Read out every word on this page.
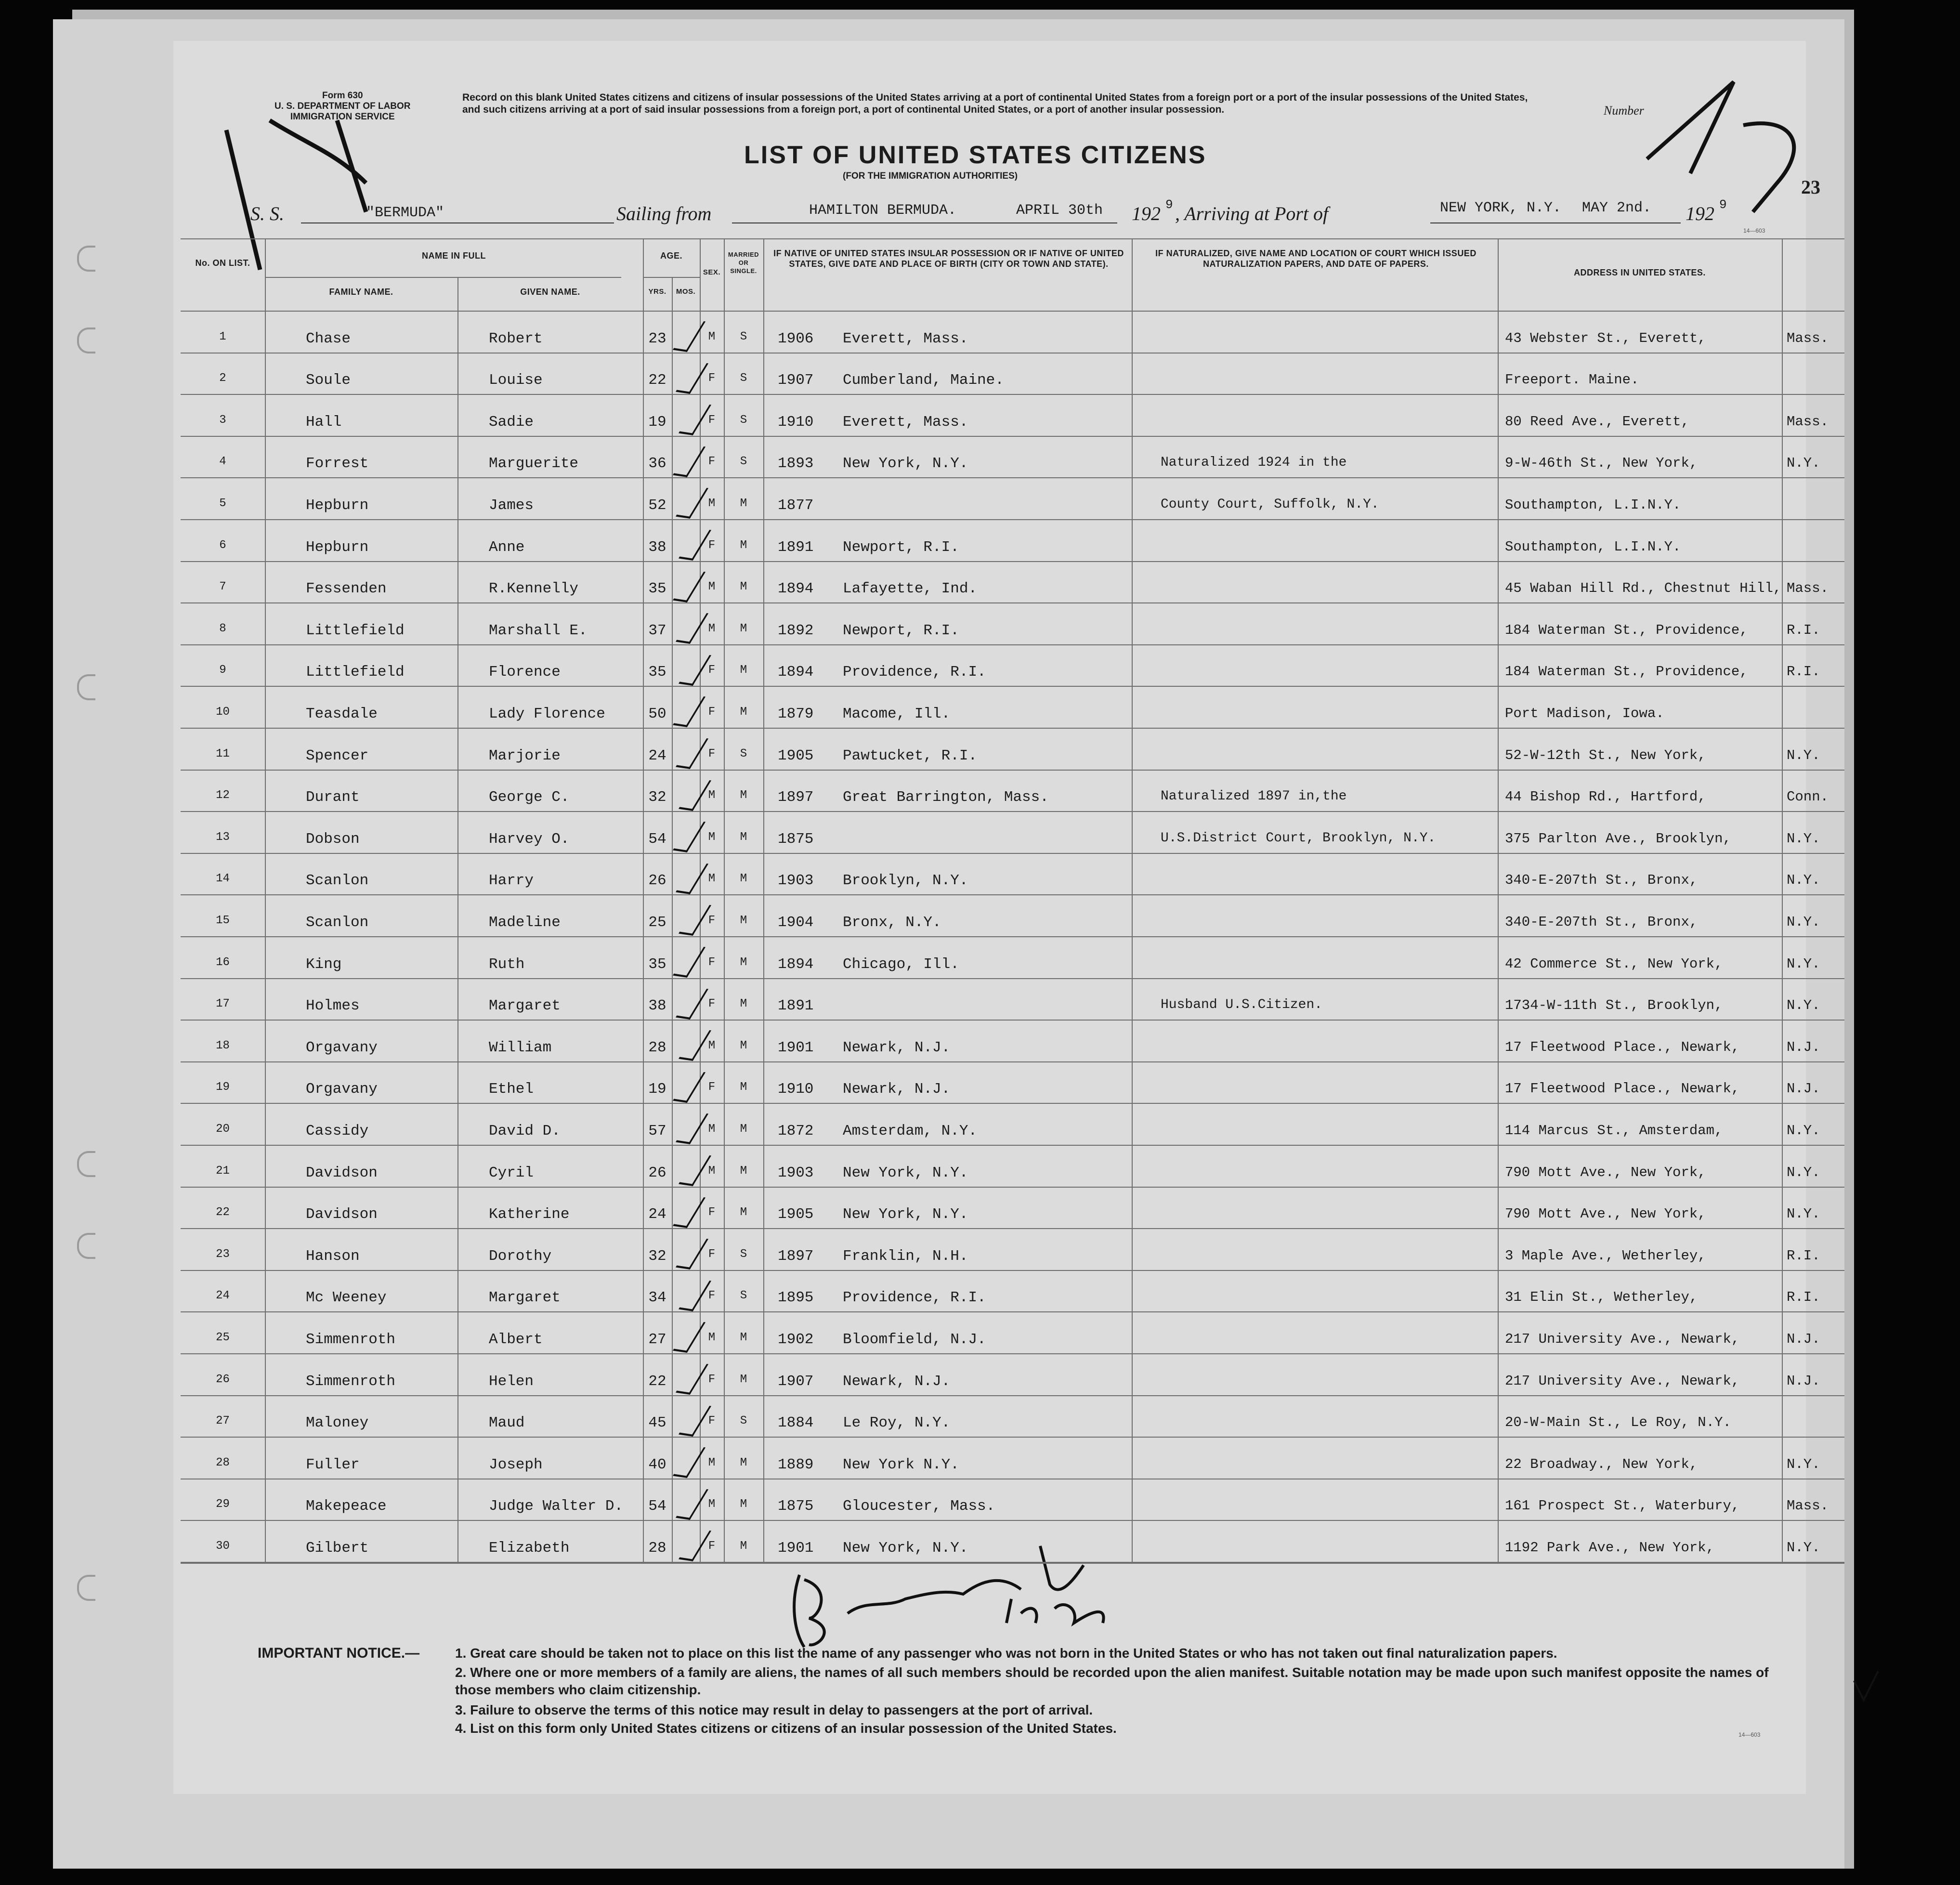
Form 630
U. S. DEPARTMENT OF LABOR
IMMIGRATION SERVICE
Record on this blank United States citizens and citizens of insular possessions of the United States arriving at a port of continental United States from a foreign port or a port of the insular possessions of the United States, and such citizens arriving at a port of said insular possessions from a foreign port, a port of continental United States, or a port of another insular possession.	Number
LIST OF UNITED STATES CITIZENS
(FOR THE IMMIGRATION AUTHORITIES)
S. S.	"BERMUDA"	Sailing from	HAMILTON BERMUDA.	APRIL 30th 192 9 , Arriving at Port of	NEW YORK, N.Y. MAY 2nd. 192 9
23
14—603
No. ON LIST.
NAME IN FULL
FAMILY NAME.	GIVEN NAME.
AGE.
YRS.	MOS.
SEX.
MARRIED OR SINGLE.
IF NATIVE OF UNITED STATES INSULAR POSSESSION OR IF NATIVE OF UNITED STATES, GIVE DATE AND PLACE OF BIRTH (CITY OR TOWN AND STATE).
IF NATURALIZED, GIVE NAME AND LOCATION OF COURT WHICH ISSUED NATURALIZATION PAPERS, AND DATE OF PAPERS.
ADDRESS IN UNITED STATES.
1	Chase	Robert	23	M	S	1906 Everett, Mass.	43 Webster St., Everett,	Mass.
2	Soule	Louise	22	F	S	1907 Cumberland, Maine.	Freeport. Maine.
3	Hall	Sadie	19	F	S	1910 Everett, Mass.	80 Reed Ave., Everett,	Mass.
4	Forrest	Marguerite	36	F	S	1893 New York, N.Y.	Naturalized 1924 in the	9-W-46th St., New York,	N.Y.
5	Hepburn	James	52	M	M	1877	County Court, Suffolk, N.Y.	Southampton, L.I.N.Y.
6	Hepburn	Anne	38	F	M	1891 Newport, R.I.	Southampton, L.I.N.Y.
7	Fessenden	R.Kennelly	35	M	M	1894 Lafayette, Ind.	45 Waban Hill Rd., Chestnut Hill, Mass.
8	Littlefield	Marshall E.	37	M	M	1892 Newport, R.I.	184 Waterman St., Providence,	R.I.
9	Littlefield	Florence	35	F	M	1894 Providence, R.I.	184 Waterman St., Providence,	R.I.
10	Teasdale	Lady Florence	50	F	M	1879 Macome, Ill.	Port Madison, Iowa.
11	Spencer	Marjorie	24	F	S	1905 Pawtucket, R.I.	52-W-12th St., New York,	N.Y.
12	Durant	George C.	32	M	M	1897 Great Barrington, Mass.	Naturalized 1897 in,the	44 Bishop Rd., Hartford,	Conn.
13	Dobson	Harvey O.	54	M	M	1875	U.S.District Court, Brooklyn, N.Y.	375 Parlton Ave., Brooklyn,	N.Y.
14	Scanlon	Harry	26	M	M	1903 Brooklyn, N.Y.	340-E-207th St., Bronx,	N.Y.
15	Scanlon	Madeline	25	F	M	1904 Bronx, N.Y.	340-E-207th St., Bronx,	N.Y.
16	King	Ruth	35	F	M	1894 Chicago, Ill.	42 Commerce St., New York,	N.Y.
17	Holmes	Margaret	38	F	M	1891	Husband U.S.Citizen.	1734-W-11th St., Brooklyn,	N.Y.
18	Orgavany	William	28	M	M	1901 Newark, N.J.	17 Fleetwood Place., Newark,	N.J.
19	Orgavany	Ethel	19	F	M	1910 Newark, N.J.	17 Fleetwood Place., Newark,	N.J.
20	Cassidy	David D.	57	M	M	1872 Amsterdam, N.Y.	114 Marcus St., Amsterdam,	N.Y.
21	Davidson	Cyril	26	M	M	1903 New York, N.Y.	790 Mott Ave., New York,	N.Y.
22	Davidson	Katherine	24	F	M	1905 New York, N.Y.	790 Mott Ave., New York,	N.Y.
23	Hanson	Dorothy	32	F	S	1897 Franklin, N.H.	3 Maple Ave., Wetherley,	R.I.
24	Mc Weeney	Margaret	34	F	S	1895 Providence, R.I.	31 Elin St., Wetherley,	R.I.
25	Simmenroth	Albert	27	M	M	1902 Bloomfield, N.J.	217 University Ave., Newark,	N.J.
26	Simmenroth	Helen	22	F	M	1907 Newark, N.J.	217 University Ave., Newark,	N.J.
27	Maloney	Maud	45	F	S	1884 Le Roy, N.Y.	20-W-Main St., Le Roy, N.Y.
28	Fuller	Joseph	40	M	M	1889 New York N.Y.	22 Broadway., New York,	N.Y.
29	Makepeace	Judge Walter D.	54	M	M	1875 Gloucester, Mass.	161 Prospect St., Waterbury,	Mass.
30	Gilbert	Elizabeth	28	F	M	1901 New York, N.Y.	1192 Park Ave., New York,	N.Y.
IMPORTANT NOTICE.—	1. Great care should be taken not to place on this list the name of any passenger who was not born in the United States or who has not taken out final naturalization papers.
2. Where one or more members of a family are aliens, the names of all such members should be recorded upon the alien manifest. Suitable notation may be made upon such manifest opposite the names of those members who claim citizenship.
3. Failure to observe the terms of this notice may result in delay to passengers at the port of arrival.
4. List on this form only United States citizens or citizens of an insular possession of the United States.	14—603
